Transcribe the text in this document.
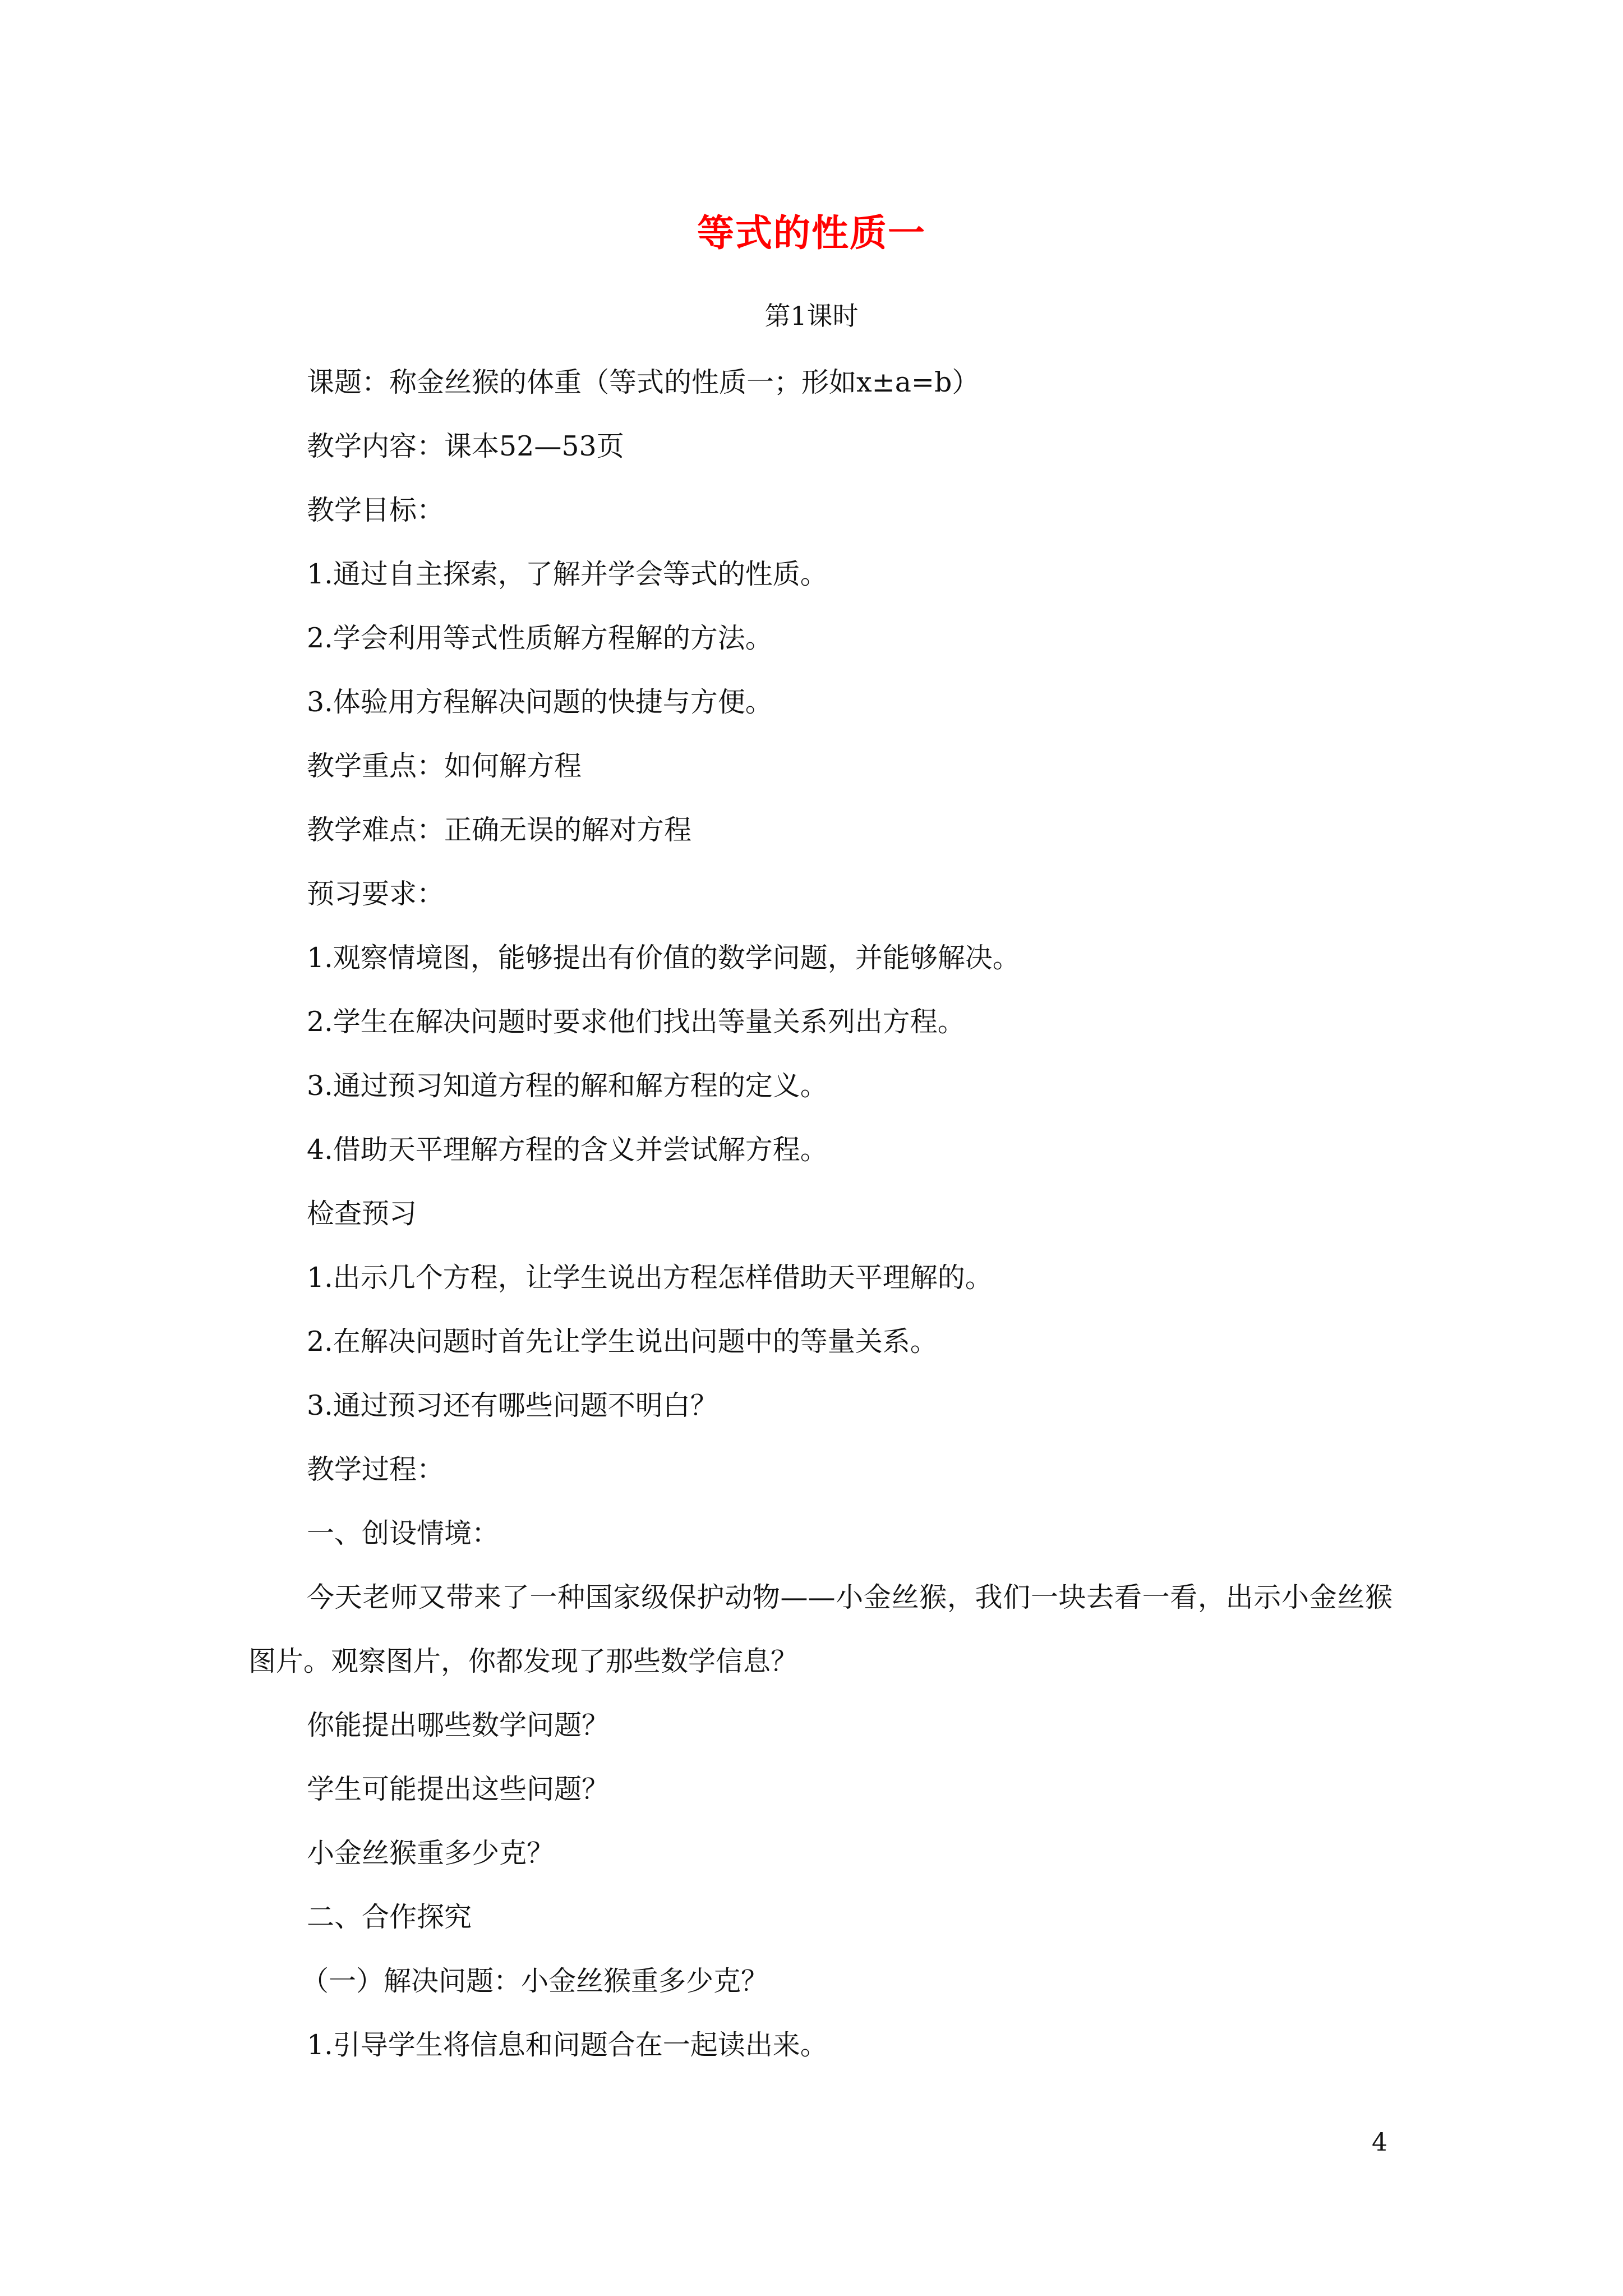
等式的性质一
第1课时

课题：称金丝猴的体重（等式的性质一；形如x±a=b）

教学内容：课本52—53页

教学目标：

1.通过自主探索，了解并学会等式的性质。

2.学会利用等式性质解方程解的方法。

3.体验用方程解决问题的快捷与方便。

教学重点：如何解方程

教学难点：正确无误的解对方程

预习要求：

1.观察情境图，能够提出有价值的数学问题，并能够解决。

2.学生在解决问题时要求他们找出等量关系列出方程。

3.通过预习知道方程的解和解方程的定义。

4.借助天平理解方程的含义并尝试解方程。

检查预习

1.出示几个方程，让学生说出方程怎样借助天平理解的。

2.在解决问题时首先让学生说出问题中的等量关系。

3.通过预习还有哪些问题不明白？

教学过程：

一、创设情境：

今天老师又带来了一种国家级保护动物——小金丝猴，我们一块去看一看，出示小金丝猴图片。观察图片，你都发现了那些数学信息？

你能提出哪些数学问题？

学生可能提出这些问题？

小金丝猴重多少克？

二、合作探究

（一）解决问题：小金丝猴重多少克？

1.引导学生将信息和问题合在一起读出来。

4
